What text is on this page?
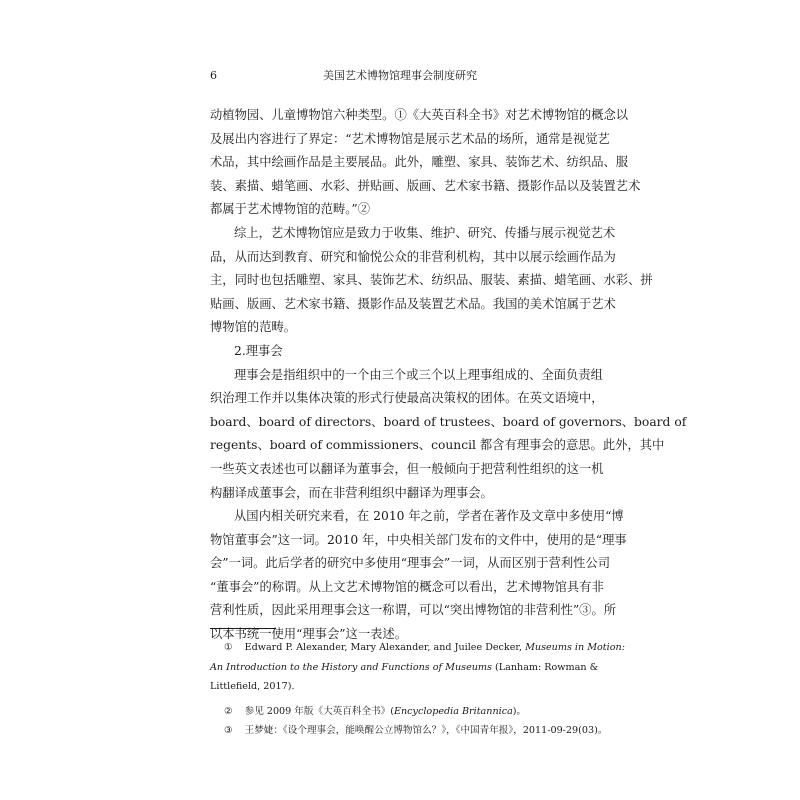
6	美国艺术博物馆理事会制度研究
动植物园、儿童博物馆六种类型。①《大英百科全书》对艺术博物馆的概念以
及展出内容进行了界定：“艺术博物馆是展示艺术品的场所，通常是视觉艺
术品，其中绘画作品是主要展品。此外，雕塑、家具、装饰艺术、纺织品、服
装、素描、蜡笔画、水彩、拼贴画、版画、艺术家书籍、摄影作品以及装置艺术
都属于艺术博物馆的范畴。”②
综上，艺术博物馆应是致力于收集、维护、研究、传播与展示视觉艺术
品，从而达到教育、研究和愉悦公众的非营利机构，其中以展示绘画作品为
主，同时也包括雕塑、家具、装饰艺术、纺织品、服装、素描、蜡笔画、水彩、拼
贴画、版画、艺术家书籍、摄影作品及装置艺术品。我国的美术馆属于艺术
博物馆的范畴。
2.理事会
理事会是指组织中的一个由三个或三个以上理事组成的、全面负责组
织治理工作并以集体决策的形式行使最高决策权的团体。在英文语境中，
board、board of directors、board of trustees、board of governors、board of
regents、board of commissioners、council 都含有理事会的意思。此外，其中
一些英文表述也可以翻译为董事会，但一般倾向于把营利性组织的这一机
构翻译成董事会，而在非营利组织中翻译为理事会。
从国内相关研究来看，在 2010 年之前，学者在著作及文章中多使用“博
物馆董事会”这一词。2010 年，中央相关部门发布的文件中，使用的是“理事
会”一词。此后学者的研究中多使用“理事会”一词，从而区别于营利性公司
“董事会”的称谓。从上文艺术博物馆的概念可以看出，艺术博物馆具有非
营利性质，因此采用理事会这一称谓，可以“突出博物馆的非营利性”③。所
以本书统一使用“理事会”这一表述。
① Edward P. Alexander, Mary Alexander, and Juilee Decker, Museums in Motion:
An Introduction to the History and Functions of Museums (Lanham: Rowman &
Littlefield, 2017).
② 参见 2009 年版《大英百科全书》(Encyclopedia Britannica)。
③ 王梦婕：《设个理事会，能唤醒公立博物馆么？》，《中国青年报》，2011-09-29(03)。
